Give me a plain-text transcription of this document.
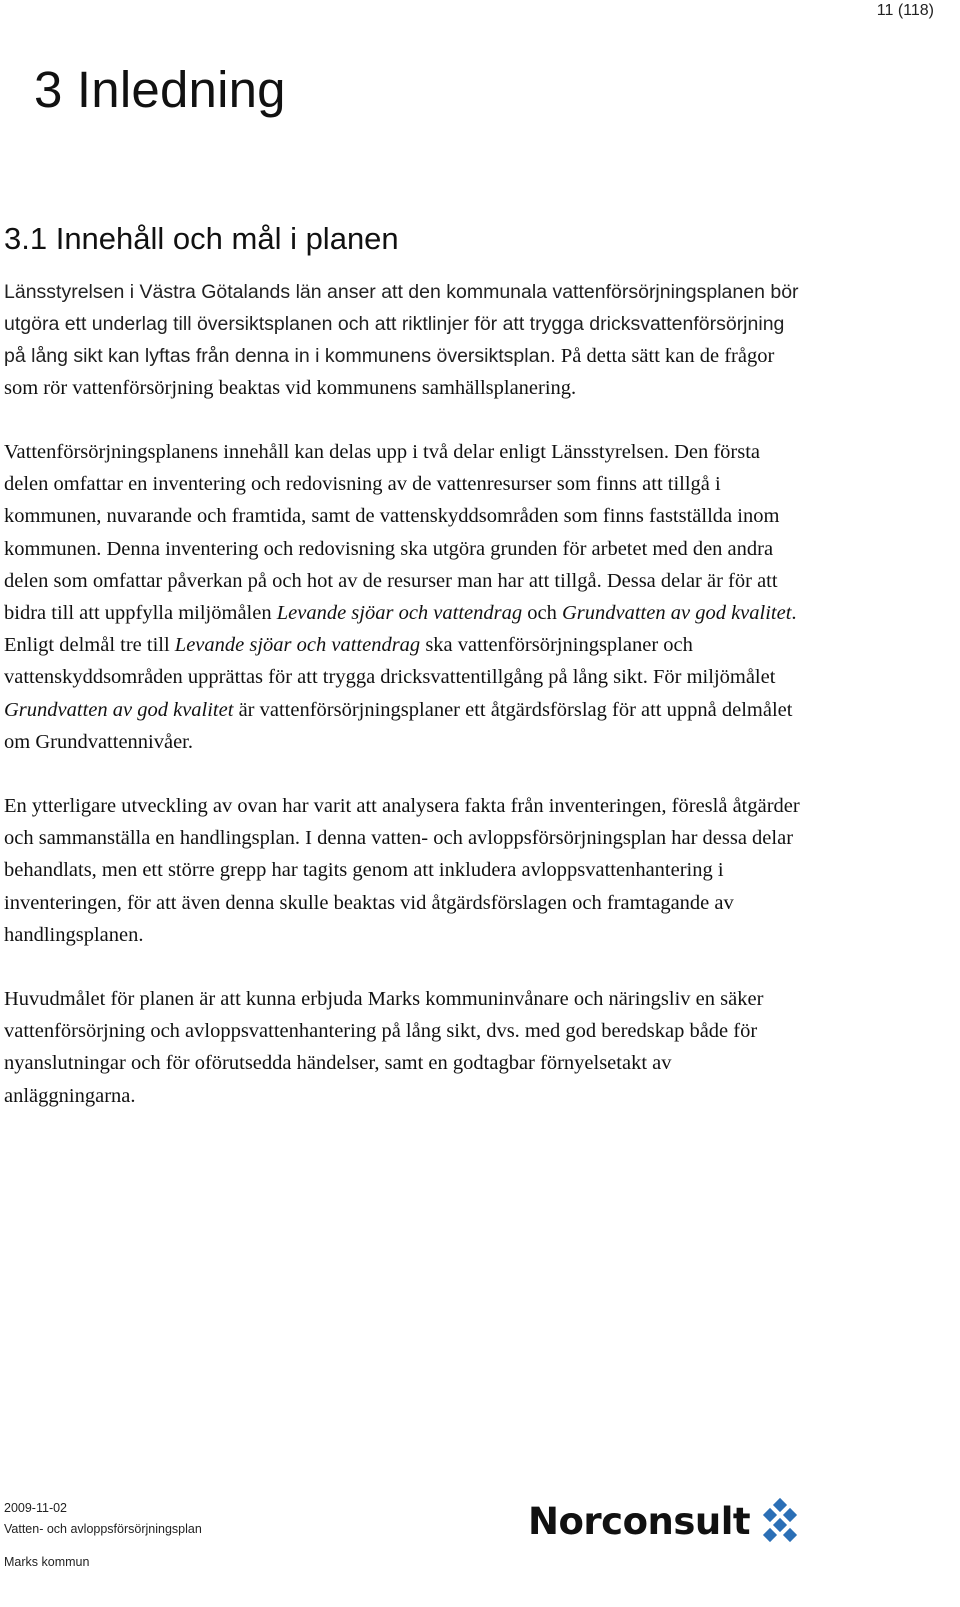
11 (118)
3 Inledning
3.1 Innehåll och mål i planen

Länsstyrelsen i Västra Götalands län anser att den kommunala vattenförsörjningsplanen bör utgöra ett underlag till översiktsplanen och att riktlinjer för att trygga dricksvattenförsörjning på lång sikt kan lyftas från denna in i kommunens översiktsplan. På detta sätt kan de frågor som rör vattenförsörjning beaktas vid kommunens samhällsplanering.

Vattenförsörjningsplanens innehåll kan delas upp i två delar enligt Länsstyrelsen. Den första delen omfattar en inventering och redovisning av de vattenresurser som finns att tillgå i kommunen, nuvarande och framtida, samt de vattenskyddsområden som finns fastställda inom kommunen. Denna inventering och redovisning ska utgöra grunden för arbetet med den andra delen som omfattar påverkan på och hot av de resurser man har att tillgå. Dessa delar är för att bidra till att uppfylla miljömålen Levande sjöar och vattendrag och Grundvatten av god kvalitet. Enligt delmål tre till Levande sjöar och vattendrag ska vattenförsörjningsplaner och vattenskyddsområden upprättas för att trygga dricksvattentillgång på lång sikt. För miljömålet Grundvatten av god kvalitet är vattenförsörjningsplaner ett åtgärdsförslag för att uppnå delmålet om Grundvattennivåer.

En ytterligare utveckling av ovan har varit att analysera fakta från inventeringen, föreslå åtgärder och sammanställa en handlingsplan. I denna vatten- och avloppsförsörjningsplan har dessa delar behandlats, men ett större grepp har tagits genom att inkludera avloppsvattenhantering i inventeringen, för att även denna skulle beaktas vid åtgärdsförslagen och framtagande av handlingsplanen.

Huvudmålet för planen är att kunna erbjuda Marks kommuninvånare och näringsliv en säker vattenförsörjning och avloppsvattenhantering på lång sikt, dvs. med god beredskap både för nyanslutningar och för oförutsedda händelser, samt en godtagbar förnyelsetakt av anläggningarna.

2009-11-02
Vatten- och avloppsförsörjningsplan
Marks kommun
Norconsult
